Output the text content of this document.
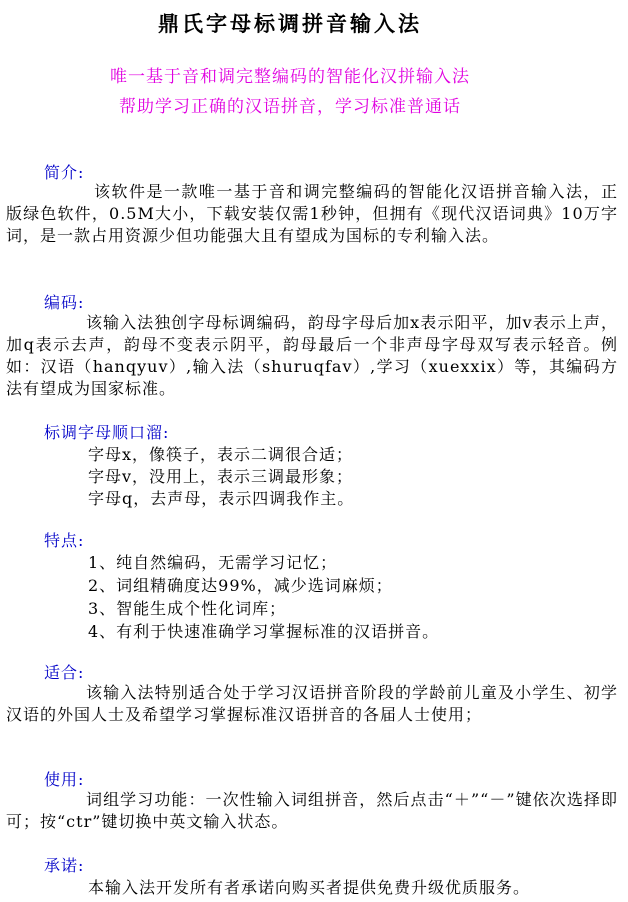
鼎氏字母标调拼音输入法
唯一基于音和调完整编码的智能化汉拼输入法
帮助学习正确的汉语拼音，学习标准普通话
简介:
该软件是一款唯一基于音和调完整编码的智能化汉语拼音输入法，正版绿色软件，0.5M大小，下载安装仅需1秒钟，但拥有《现代汉语词典》10万字词，是一款占用资源少但功能强大且有望成为国标的专利输入法。
编码:
该输入法独创字母标调编码，韵母字母后加x表示阳平，加v表示上声，加q表示去声，韵母不变表示阴平，韵母最后一个非声母字母双写表示轻音。例如：汉语（hanqyuv）,输入法（shuruqfav）,学习（xuexxix）等，其编码方法有望成为国家标准。
标调字母顺口溜:
字母x，像筷子，表示二调很合适；
字母v，没用上，表示三调最形象；
字母q，去声母，表示四调我作主。
特点:
1、纯自然编码，无需学习记忆；
2、词组精确度达99%，减少选词麻烦；
3、智能生成个性化词库；
4、有利于快速准确学习掌握标准的汉语拼音。
适合:
该输入法特别适合处于学习汉语拼音阶段的学龄前儿童及小学生、初学汉语的外国人士及希望学习掌握标准汉语拼音的各届人士使用；
使用:
词组学习功能：一次性输入词组拼音，然后点击“＋”“－”键依次选择即可；按“ctr”键切换中英文输入状态。
承诺:
本输入法开发所有者承诺向购买者提供免费升级优质服务。
